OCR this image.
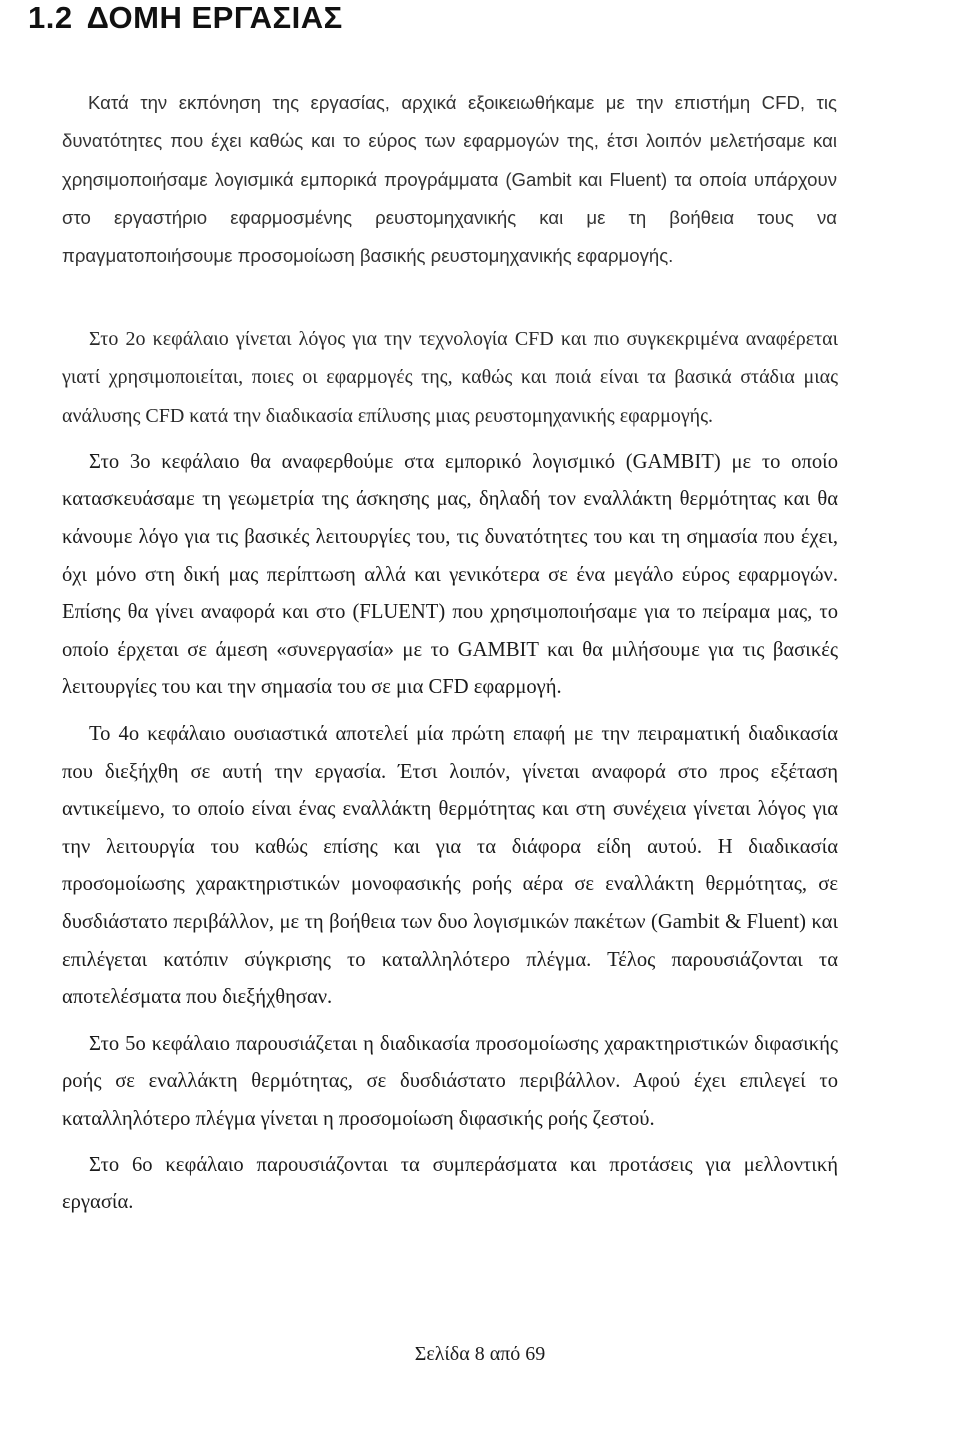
1.2 ΔΟΜΗ ΕΡΓΑΣΙΑΣ

Κατά την εκπόνηση της εργασίας, αρχικά εξοικειωθήκαμε με την επιστήμη CFD, τις δυνατότητες που έχει καθώς και το εύρος των εφαρμογών της, έτσι λοιπόν μελετήσαμε και χρησιμοποιήσαμε λογισμικά εμπορικά προγράμματα (Gambit και Fluent) τα οποία υπάρχουν στο εργαστήριο εφαρμοσμένης ρευστομηχανικής και με τη βοήθεια τους να πραγματοποιήσουμε προσομοίωση βασικής ρευστομηχανικής εφαρμογής.

Στο 2ο κεφάλαιο γίνεται λόγος για την τεχνολογία CFD και πιο συγκεκριμένα αναφέρεται γιατί χρησιμοποιείται, ποιες οι εφαρμογές της, καθώς και ποιά είναι τα βασικά στάδια μιας ανάλυσης CFD κατά την διαδικασία επίλυσης μιας ρευστομηχανικής εφαρμογής.

Στο 3ο κεφάλαιο θα αναφερθούμε στα εμπορικό λογισμικό (GAMBIT) με το οποίο κατασκευάσαμε τη γεωμετρία της άσκησης μας, δηλαδή τον εναλλάκτη θερμότητας και θα κάνουμε λόγο για τις βασικές λειτουργίες του, τις δυνατότητες του και τη σημασία που έχει, όχι μόνο στη δική μας περίπτωση αλλά και γενικότερα σε ένα μεγάλο εύρος εφαρμογών. Επίσης θα γίνει αναφορά και στο (FLUENT) που χρησιμοποιήσαμε για το πείραμα μας, το οποίο έρχεται σε άμεση «συνεργασία» με το GAMBIT και θα μιλήσουμε για τις βασικές λειτουργίες του και την σημασία του σε μια CFD εφαρμογή.

Το 4ο κεφάλαιο ουσιαστικά αποτελεί μία πρώτη επαφή με την πειραματική διαδικασία που διεξήχθη σε αυτή την εργασία. Έτσι λοιπόν, γίνεται αναφορά στο προς εξέταση αντικείμενο, το οποίο είναι ένας εναλλάκτη θερμότητας και στη συνέχεια γίνεται λόγος για την λειτουργία του καθώς επίσης και για τα διάφορα είδη αυτού. Η διαδικασία προσομοίωσης χαρακτηριστικών μονοφασικής ροής αέρα σε εναλλάκτη θερμότητας, σε δυσδιάστατο περιβάλλον, με τη βοήθεια των δυο λογισμικών πακέτων (Gambit & Fluent) και επιλέγεται κατόπιν σύγκρισης το καταλληλότερο πλέγμα. Τέλος παρουσιάζονται τα αποτελέσματα που διεξήχθησαν.

Στο 5ο κεφάλαιο παρουσιάζεται η διαδικασία προσομοίωσης χαρακτηριστικών διφασικής ροής σε εναλλάκτη θερμότητας, σε δυσδιάστατο περιβάλλον. Αφού έχει επιλεγεί το καταλληλότερο πλέγμα γίνεται η προσομοίωση διφασικής ροής ζεστού.

Στο 6ο κεφάλαιο παρουσιάζονται τα συμπεράσματα και προτάσεις για μελλοντική εργασία.

Σελίδα 8 από 69
